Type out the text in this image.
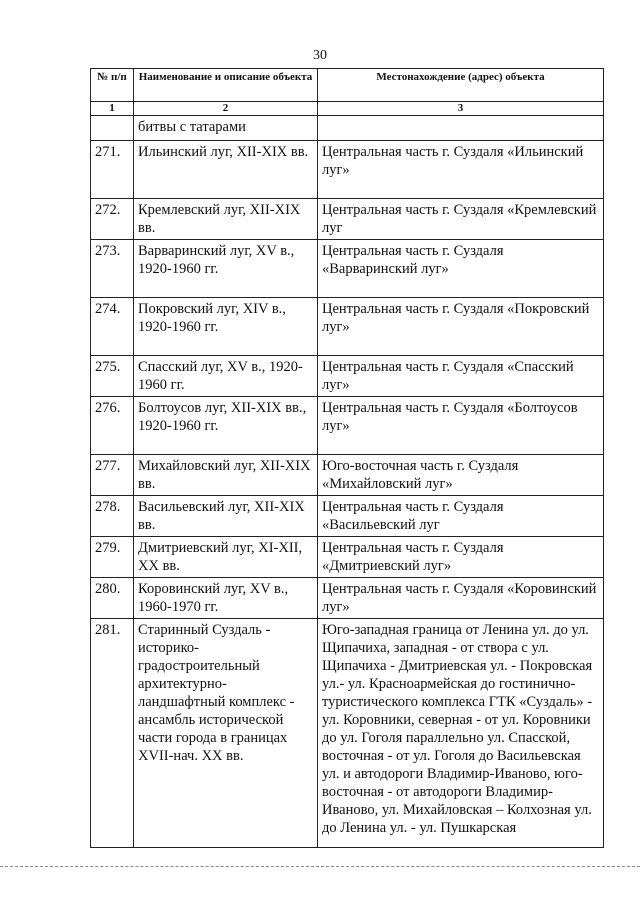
30
№ п/п	Наименование и описание объекта	Местонахождение (адрес) объекта
1	2	3
	битвы с татарами	
271.	Ильинский луг, XII-XIX вв.	Центральная часть г. Суздаля «Ильинский луг»
272.	Кремлевский луг, XII-XIX вв.	Центральная часть г. Суздаля «Кремлевский луг
273.	Варваринский луг, XV в., 1920-1960 гг.	Центральная часть г. Суздаля «Варваринский луг»
274.	Покровский луг, XIV в., 1920-1960 гг.	Центральная часть г. Суздаля «Покровский луг»
275.	Спасский луг, XV в., 1920-1960 гг.	Центральная часть г. Суздаля «Спасский луг»
276.	Болтоусов луг, XII-XIX вв., 1920-1960 гг.	Центральная часть г. Суздаля «Болтоусов луг»
277.	Михайловский луг, XII-XIX вв.	Юго-восточная часть г. Суздаля «Михайловский луг»
278.	Васильевский луг, XII-XIX вв.	Центральная часть г. Суздаля «Васильевский луг
279.	Дмитриевский луг, XI-XII, XX вв.	Центральная часть г. Суздаля «Дмитриевский луг»
280.	Коровинский луг, XV в., 1960-1970 гг.	Центральная часть г. Суздаля «Коровинский луг»
281.	Старинный Суздаль - историко-градостроительный архитектурно-ландшафтный комплекс - ансамбль исторической части города в границах XVII-нач. XX вв.	Юго-западная граница от Ленина ул. до ул. Щипачиха, западная - от створа с ул. Щипачиха - Дмитриевская ул. - Покровская ул.- ул. Красноармейская до гостинично-туристического комплекса ГТК «Суздаль» - ул. Коровники, северная - от ул. Коровники до ул. Гоголя параллельно ул. Спасской, восточная - от ул. Гоголя до Васильевская ул. и автодороги Владимир-Иваново, юго-восточная - от автодороги Владимир-Иваново, ул. Михайловская – Колхозная ул. до Ленина ул. - ул. Пушкарская
